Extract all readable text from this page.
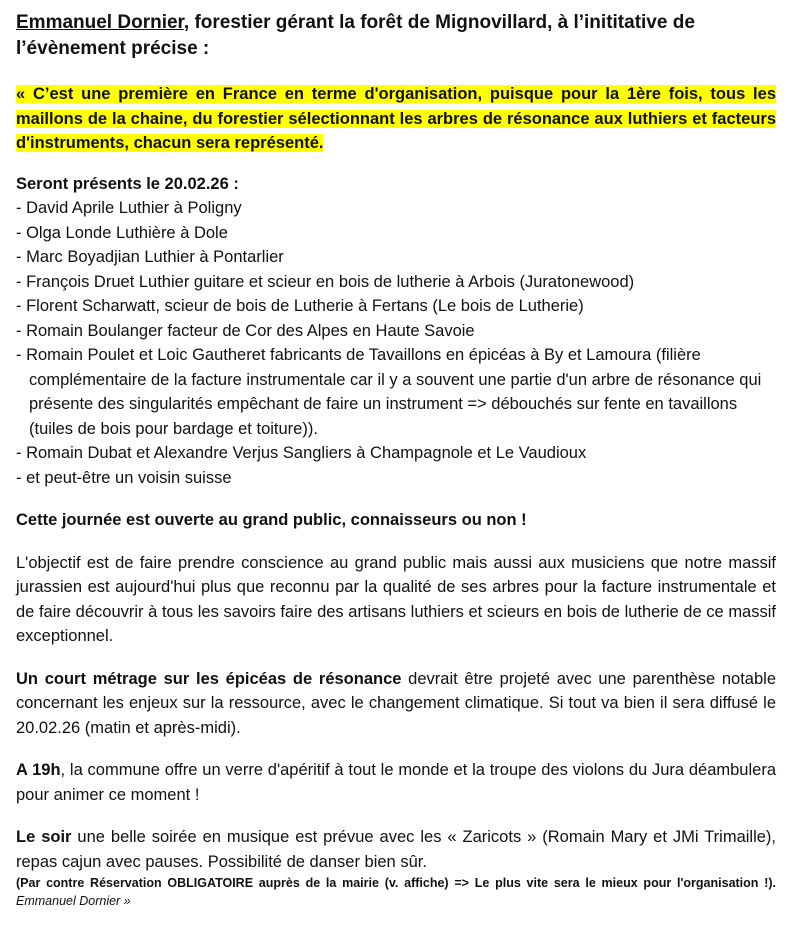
Emmanuel Dornier, forestier gérant la forêt de Mignovillard, à l’inititative de l’évènement précise :

« C’est une première en France en terme d'organisation, puisque pour la 1ère fois, tous les maillons de la chaine, du forestier sélectionnant les arbres de résonance aux luthiers et facteurs d'instruments, chacun sera représenté.

Seront présents le 20.02.26 :

- David Aprile Luthier à Poligny
- Olga Londe Luthière à Dole
- Marc Boyadjian Luthier à Pontarlier
- François Druet Luthier guitare et scieur en bois de lutherie à Arbois (Juratonewood)
- Florent Scharwatt, scieur de bois de Lutherie à Fertans (Le bois de Lutherie)
- Romain Boulanger facteur de Cor des Alpes en Haute Savoie
- Romain Poulet et Loic Gautheret fabricants de Tavaillons en épicéas à By et Lamoura (filière complémentaire de la facture instrumentale car il y a souvent une partie d'un arbre de résonance qui présente des singularités empêchant de faire un instrument => débouchés sur fente en tavaillons (tuiles de bois pour bardage et toiture)).
- Romain Dubat et Alexandre Verjus Sangliers à Champagnole et Le Vaudioux
- et peut-être un voisin suisse

Cette journée est ouverte au grand public, connaisseurs ou non !

L'objectif est de faire prendre conscience au grand public mais aussi aux musiciens que notre massif jurassien est aujourd'hui plus que reconnu par la qualité de ses arbres pour la facture instrumentale et de faire découvrir à tous les savoirs faire des artisans luthiers et scieurs en bois de lutherie de ce massif exceptionnel.

Un court métrage sur les épicéas de résonance devrait être projeté avec une parenthèse notable concernant les enjeux sur la ressource, avec le changement climatique. Si tout va bien il sera diffusé le 20.02.26 (matin et après-midi).

A 19h, la commune offre un verre d'apéritif à tout le monde et la troupe des violons du Jura déambulera pour animer ce moment !

Le soir une belle soirée en musique est prévue avec les « Zaricots » (Romain Mary et JMi Trimaille), repas cajun avec pauses. Possibilité de danser bien sûr.

(Par contre Réservation OBLIGATOIRE auprès de la mairie (v. affiche) => Le plus vite sera le mieux pour l'organisation !). Emmanuel Dornier »
